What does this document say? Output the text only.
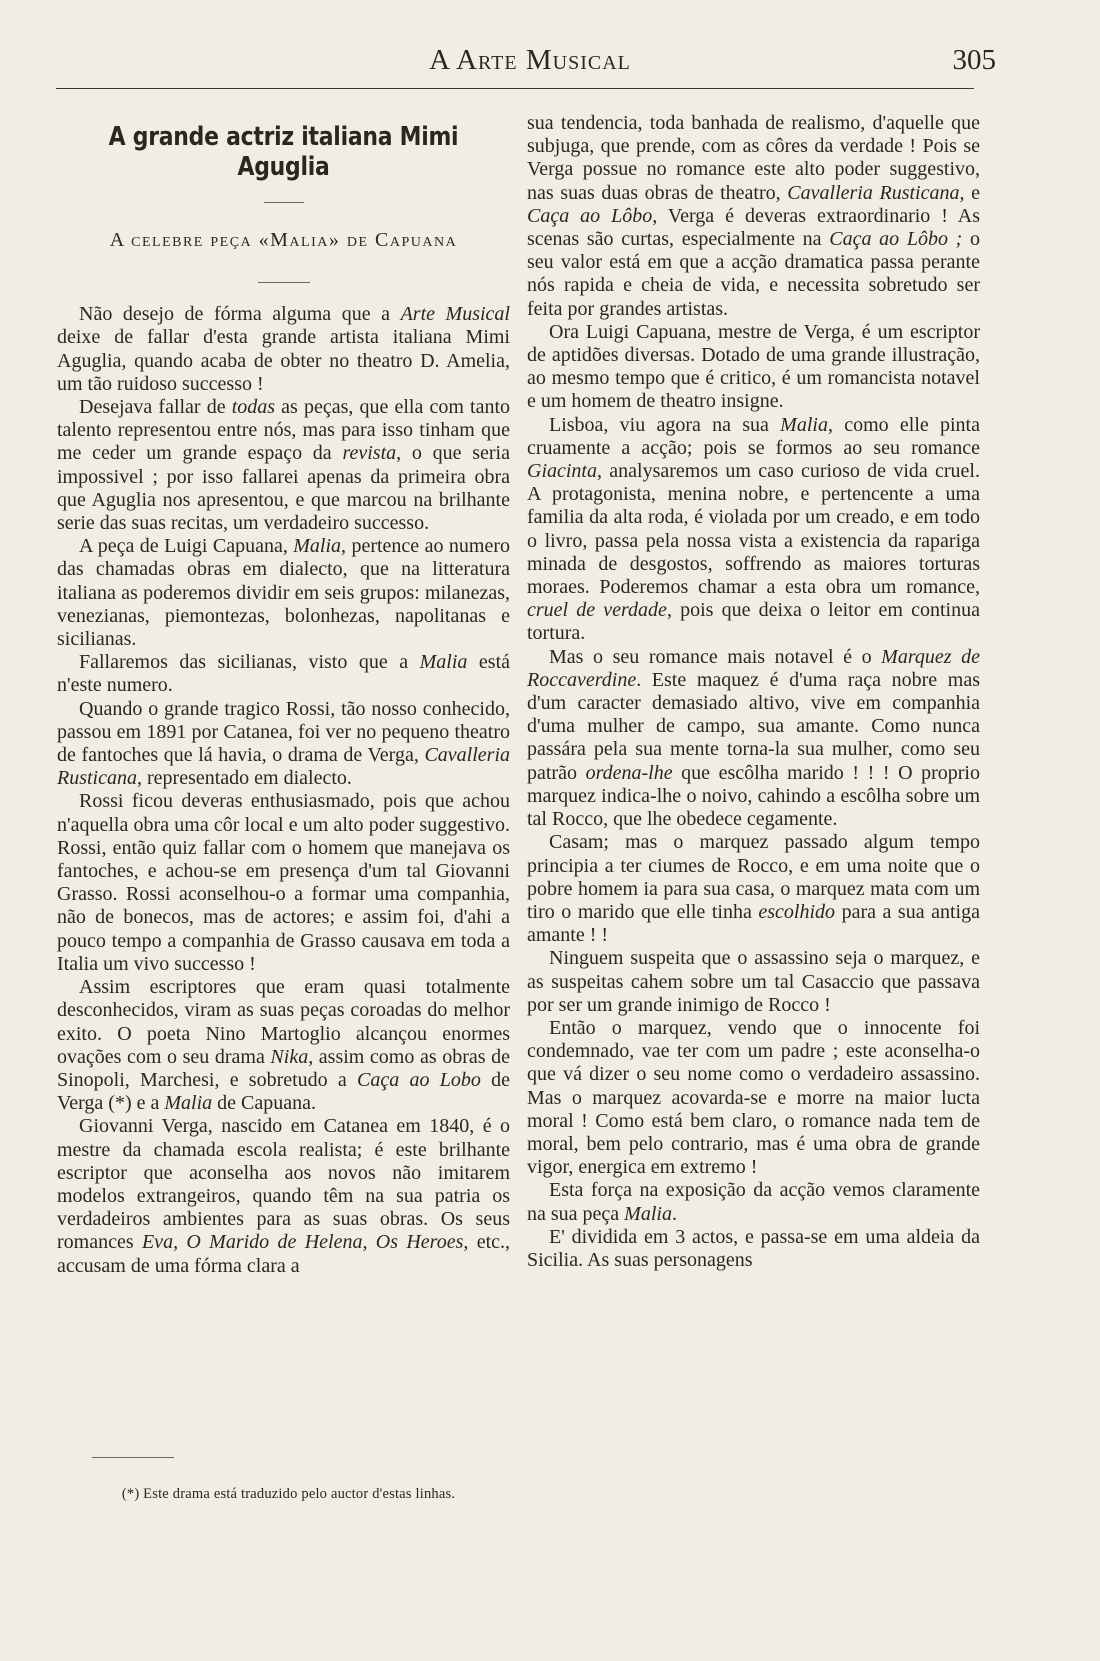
A Arte Musical	305
A grande actriz italiana Mimi Aguglia
A celebre peça «Malia» de Capuana

Não desejo de fórma alguma que a Arte Musical deixe de fallar d'esta grande artista italiana Mimi Aguglia, quando acaba de obter no theatro D. Amelia, um tão ruidoso successo !

Desejava fallar de todas as peças, que ella com tanto talento representou entre nós, mas para isso tinham que me ceder um grande espaço da revista, o que seria impossivel ; por isso fallarei apenas da primeira obra que Aguglia nos apresentou, e que marcou na brilhante serie das suas recitas, um verdadeiro successo.

A peça de Luigi Capuana, Malia, pertence ao numero das chamadas obras em dialecto, que na litteratura italiana as poderemos dividir em seis grupos: milanezas, venezianas, piemontezas, bolonhezas, napolitanas e sicilianas.

Fallaremos das sicilianas, visto que a Malia está n'este numero.

Quando o grande tragico Rossi, tão nosso conhecido, passou em 1891 por Catanea, foi ver no pequeno theatro de fantoches que lá havia, o drama de Verga, Cavalleria Rusticana, representado em dialecto.

Rossi ficou deveras enthusiasmado, pois que achou n'aquella obra uma côr local e um alto poder suggestivo. Rossi, então quiz fallar com o homem que manejava os fantoches, e achou-se em presença d'um tal Giovanni Grasso. Rossi aconselhou-o a formar uma companhia, não de bonecos, mas de actores; e assim foi, d'ahi a pouco tempo a companhia de Grasso causava em toda a Italia um vivo successo !

Assim escriptores que eram quasi totalmente desconhecidos, viram as suas peças coroadas do melhor exito. O poeta Nino Martoglio alcançou enormes ovações com o seu drama Nika, assim como as obras de Sinopoli, Marchesi, e sobretudo a Caça ao Lobo de Verga (*) e a Malia de Capuana.

Giovanni Verga, nascido em Catanea em 1840, é o mestre da chamada escola realista; é este brilhante escriptor que aconselha aos novos não imitarem modelos extrangeiros, quando têm na sua patria os verdadeiros ambientes para as suas obras. Os seus romances Eva, O Marido de Helena, Os Heroes, etc., accusam de uma fórma clara a

sua tendencia, toda banhada de realismo, d'aquelle que subjuga, que prende, com as côres da verdade ! Pois se Verga possue no romance este alto poder suggestivo, nas suas duas obras de theatro, Cavalleria Rusticana, e Caça ao Lôbo, Verga é deveras extraordinario ! As scenas são curtas, especialmente na Caça ao Lôbo ; o seu valor está em que a acção dramatica passa perante nós rapida e cheia de vida, e necessita sobretudo ser feita por grandes artistas.

Ora Luigi Capuana, mestre de Verga, é um escriptor de aptidões diversas. Dotado de uma grande illustração, ao mesmo tempo que é critico, é um romancista notavel e um homem de theatro insigne.

Lisboa, viu agora na sua Malia, como elle pinta cruamente a acção; pois se formos ao seu romance Giacinta, analysaremos um caso curioso de vida cruel. A protagonista, menina nobre, e pertencente a uma familia da alta roda, é violada por um creado, e em todo o livro, passa pela nossa vista a existencia da rapariga minada de desgostos, soffrendo as maiores torturas moraes. Poderemos chamar a esta obra um romance, cruel de verdade, pois que deixa o leitor em continua tortura.

Mas o seu romance mais notavel é o Marquez de Roccaverdine. Este maquez é d'uma raça nobre mas d'um caracter demasiado altivo, vive em companhia d'uma mulher de campo, sua amante. Como nunca passára pela sua mente torna-la sua mulher, como seu patrão ordena-lhe que escôlha marido ! ! ! O proprio marquez indica-lhe o noivo, cahindo a escôlha sobre um tal Rocco, que lhe obedece cegamente.

Casam; mas o marquez passado algum tempo principia a ter ciumes de Rocco, e em uma noite que o pobre homem ia para sua casa, o marquez mata com um tiro o marido que elle tinha escolhido para a sua antiga amante ! !

Ninguem suspeita que o assassino seja o marquez, e as suspeitas cahem sobre um tal Casaccio que passava por ser um grande inimigo de Rocco !

Então o marquez, vendo que o innocente foi condemnado, vae ter com um padre ; este aconselha-o que vá dizer o seu nome como o verdadeiro assassino. Mas o marquez acovarda-se e morre na maior lucta moral ! Como está bem claro, o romance nada tem de moral, bem pelo contrario, mas é uma obra de grande vigor, energica em extremo !

Esta força na exposição da acção vemos claramente na sua peça Malia.

E' dividida em 3 actos, e passa-se em uma aldeia da Sicilia. As suas personagens

(*) Este drama está traduzido pelo auctor d'estas linhas.
